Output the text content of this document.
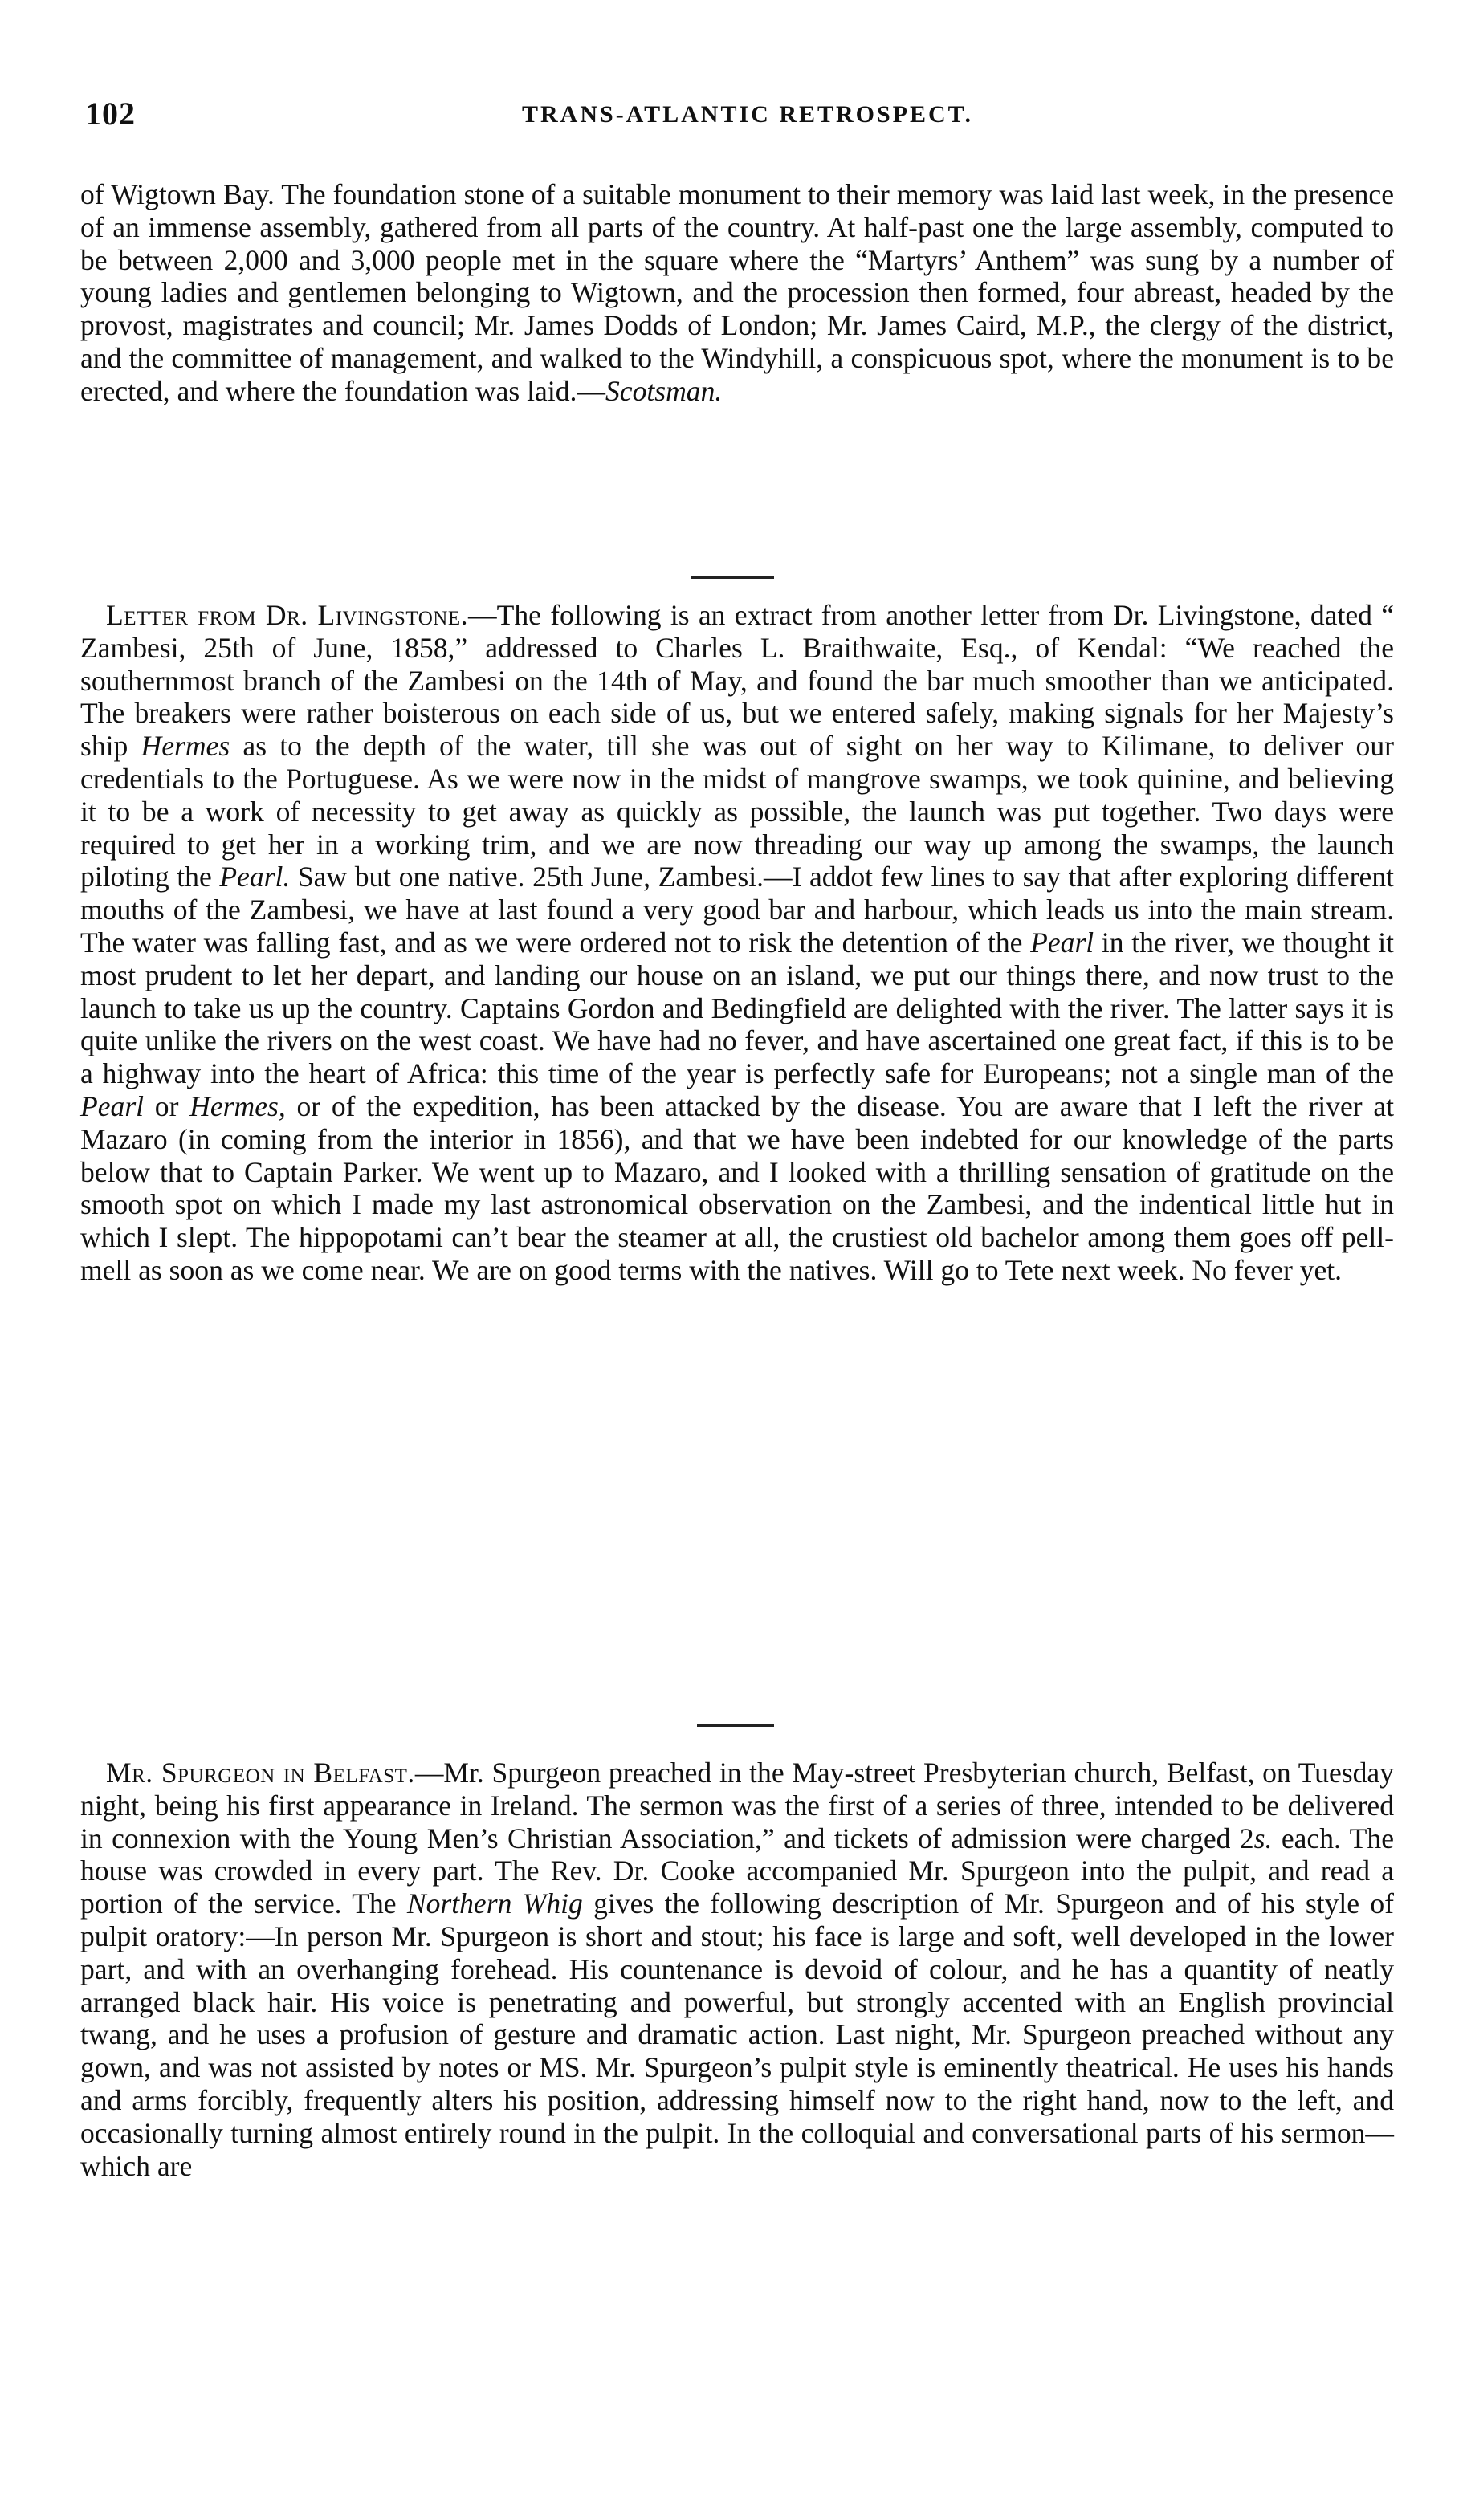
102	TRANS-ATLANTIC RETROSPECT.

of Wigtown Bay. The foundation stone of a suitable monument to their memory was laid last week, in the presence of an immense assembly, gathered from all parts of the country. At half-past one the large assembly, computed to be between 2,000 and 3,000 people met in the square where the “Martyrs’ Anthem” was sung by a number of young ladies and gentlemen belonging to Wigtown, and the procession then formed, four abreast, headed by the provost, magistrates and council; Mr. James Dodds of London; Mr. James Caird, M.P., the clergy of the district, and the committee of management, and walked to the Windyhill, a conspicuous spot, where the monument is to be erected, and where the foundation was laid.—Scotsman.

Letter from Dr. Livingstone.—The following is an extract from another letter from Dr. Livingstone, dated “ Zambesi, 25th of June, 1858,” addressed to Charles L. Braithwaite, Esq., of Kendal: “We reached the southernmost branch of the Zambesi on the 14th of May, and found the bar much smoother than we anticipated. The breakers were rather boisterous on each side of us, but we entered safely, making signals for her Majesty’s ship Hermes as to the depth of the water, till she was out of sight on her way to Kilimane, to deliver our credentials to the Portuguese. As we were now in the midst of mangrove swamps, we took quinine, and believing it to be a work of necessity to get away as quickly as possible, the launch was put together. Two days were required to get her in a working trim, and we are now threading our way up among the swamps, the launch piloting the Pearl. Saw but one native. 25th June, Zambesi.—I addot few lines to say that after exploring different mouths of the Zambesi, we have at last found a very good bar and harbour, which leads us into the main stream. The water was falling fast, and as we were ordered not to risk the detention of the Pearl in the river, we thought it most prudent to let her depart, and landing our house on an island, we put our things there, and now trust to the launch to take us up the country. Captains Gordon and Bedingfield are delighted with the river. The latter says it is quite unlike the rivers on the west coast. We have had no fever, and have ascertained one great fact, if this is to be a highway into the heart of Africa: this time of the year is perfectly safe for Europeans; not a single man of the Pearl or Hermes, or of the expedition, has been attacked by the disease. You are aware that I left the river at Mazaro (in coming from the interior in 1856), and that we have been indebted for our knowledge of the parts below that to Captain Parker. We went up to Mazaro, and I looked with a thrilling sensation of gratitude on the smooth spot on which I made my last astronomical observation on the Zambesi, and the indentical little hut in which I slept. The hippopotami can’t bear the steamer at all, the crustiest old bachelor among them goes off pell-mell as soon as we come near. We are on good terms with the natives. Will go to Tete next week. No fever yet.

Mr. Spurgeon in Belfast.—Mr. Spurgeon preached in the May-street Presbyterian church, Belfast, on Tuesday night, being his first appearance in Ireland. The sermon was the first of a series of three, intended to be delivered in connexion with the Young Men’s Christian Association,” and tickets of admission were charged 2s. each. The house was crowded in every part. The Rev. Dr. Cooke accompanied Mr. Spurgeon into the pulpit, and read a portion of the service. The Northern Whig gives the following description of Mr. Spurgeon and of his style of pulpit oratory:—In person Mr. Spurgeon is short and stout; his face is large and soft, well developed in the lower part, and with an overhanging forehead. His countenance is devoid of colour, and he has a quantity of neatly arranged black hair. His voice is penetrating and powerful, but strongly accented with an English provincial twang, and he uses a profusion of gesture and dramatic action. Last night, Mr. Spurgeon preached without any gown, and was not assisted by notes or MS. Mr. Spurgeon’s pulpit style is eminently theatrical. He uses his hands and arms forcibly, frequently alters his position, addressing himself now to the right hand, now to the left, and occasionally turning almost entirely round in the pulpit. In the colloquial and conversational parts of his sermon—which are
